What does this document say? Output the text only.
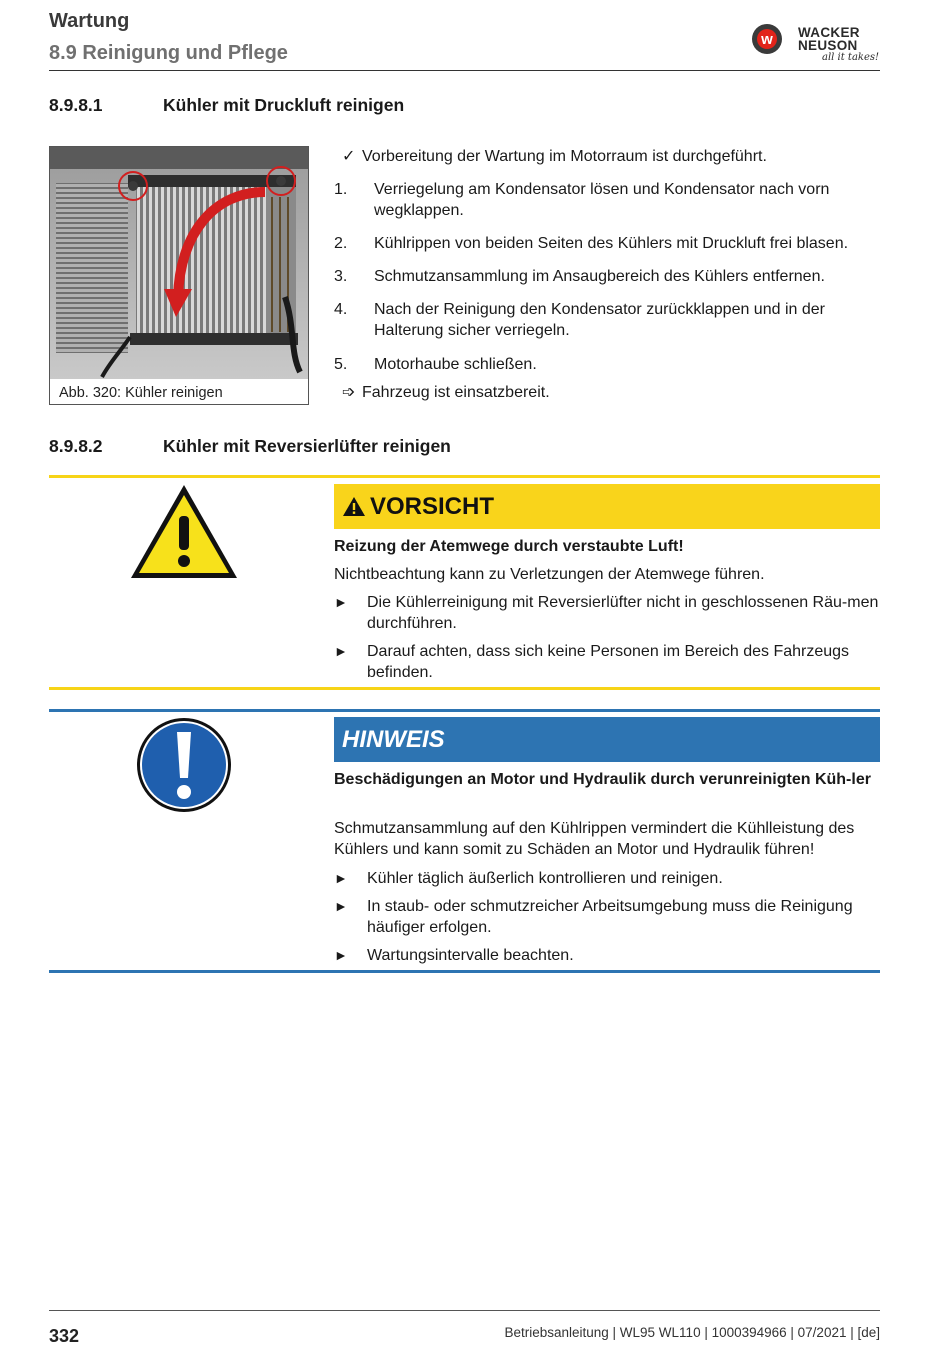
Wartung
8.9 Reinigung und Pflege
w WACKER
NEUSON
all it takes!
8.9.8.1	Kühler mit Druckluft reinigen
Abb. 320: Kühler reinigen
✓ Vorbereitung der Wartung im Motorraum ist durchgeführt.
1. Verriegelung am Kondensator lösen und Kondensator nach vorn wegklappen.
2. Kühlrippen von beiden Seiten des Kühlers mit Druckluft frei blasen.
3. Schmutzansammlung im Ansaugbereich des Kühlers entfernen.
4. Nach der Reinigung den Kondensator zurückklappen und in der Halterung sicher verriegeln.
5. Motorhaube schließen.
➩ Fahrzeug ist einsatzbereit.
8.9.8.2	Kühler mit Reversierlüfter reinigen
VORSICHT
Reizung der Atemwege durch verstaubte Luft!
Nichtbeachtung kann zu Verletzungen der Atemwege führen.
► Die Kühlerreinigung mit Reversierlüfter nicht in geschlossenen Räu-men durchführen.
► Darauf achten, dass sich keine Personen im Bereich des Fahrzeugs befinden.
HINWEIS
Beschädigungen an Motor und Hydraulik durch verunreinigten Küh-ler
Schmutzansammlung auf den Kühlrippen vermindert die Kühlleistung des Kühlers und kann somit zu Schäden an Motor und Hydraulik führen!
► Kühler täglich äußerlich kontrollieren und reinigen.
► In staub- oder schmutzreicher Arbeitsumgebung muss die Reinigung häufiger erfolgen.
► Wartungsintervalle beachten.
332	Betriebsanleitung | WL95 WL110 | 1000394966 | 07/2021 | [de]
